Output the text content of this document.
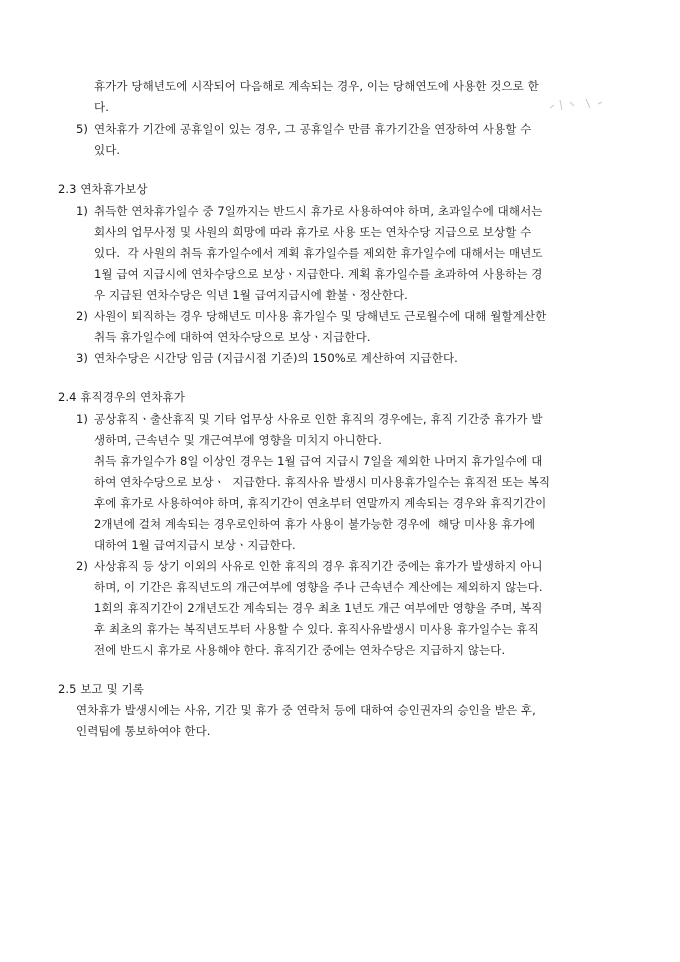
휴가가 당해년도에 시작되어 다음해로 계속되는 경우, 이는 당해연도에 사용한 것으로 한
다.
5) 연차휴가 기간에 공휴일이 있는 경우, 그 공휴일수 만큼 휴가기간을 연장하여 사용할 수
있다.
2.3 연차휴가보상
1) 취득한 연차휴가일수 중 7일까지는 반드시 휴가로 사용하여야 하며, 초과일수에 대해서는
회사의 업무사정 및 사원의 희망에 따라 휴가로 사용 또는 연차수당 지급으로 보상할 수
있다.  각 사원의 취득 휴가일수에서 계획 휴가일수를 제외한 휴가일수에 대해서는 매년도
1월 급여 지급시에 연차수당으로 보상ㆍ지급한다. 계획 휴가일수를 초과하여 사용하는 경
우 지급된 연차수당은 익년 1월 급여지급시에 환불ㆍ정산한다.
2) 사원이 퇴직하는 경우 당해년도 미사용 휴가일수 및 당해년도 근로월수에 대해 월할계산한
취득 휴가일수에 대하여 연차수당으로 보상ㆍ지급한다.
3) 연차수당은 시간당 임금 (지급시점 기준)의 150%로 계산하여 지급한다.
2.4 휴직경우의 연차휴가
1) 공상휴직ㆍ출산휴직 및 기타 업무상 사유로 인한 휴직의 경우에는, 휴직 기간중 휴가가 발
생하며, 근속년수 및 개근여부에 영향을 미치지 아니한다.
취득 휴가일수가 8일 이상인 경우는 1월 급여 지급시 7일을 제외한 나머지 휴가일수에 대
하여 연차수당으로 보상ㆍ  지급한다. 휴직사유 발생시 미사용휴가일수는 휴직전 또는 복직
후에 휴가로 사용하여야 하며, 휴직기간이 연초부터 연말까지 계속되는 경우와 휴직기간이
2개년에 걸쳐 계속되는 경우로인하여 휴가 사용이 불가능한 경우에  해당 미사용 휴가에
대하여 1월 급여지급시 보상ㆍ지급한다.
2) 사상휴직 등 상기 이외의 사유로 인한 휴직의 경우 휴직기간 중에는 휴가가 발생하지 아니
하며, 이 기간은 휴직년도의 개근여부에 영향을 주나 근속년수 계산에는 제외하지 않는다.
1회의 휴직기간이 2개년도간 계속되는 경우 최초 1년도 개근 여부에만 영향을 주며, 복직
후 최초의 휴가는 복직년도부터 사용할 수 있다. 휴직사유발생시 미사용 휴가일수는 휴직
전에 반드시 휴가로 사용해야 한다. 휴직기간 중에는 연차수당은 지급하지 않는다.
2.5 보고 및 기록
연차휴가 발생시에는 사유, 기간 및 휴가 중 연락처 등에 대하여 승인권자의 승인을 받은 후,
인력팀에 통보하여야 한다.
